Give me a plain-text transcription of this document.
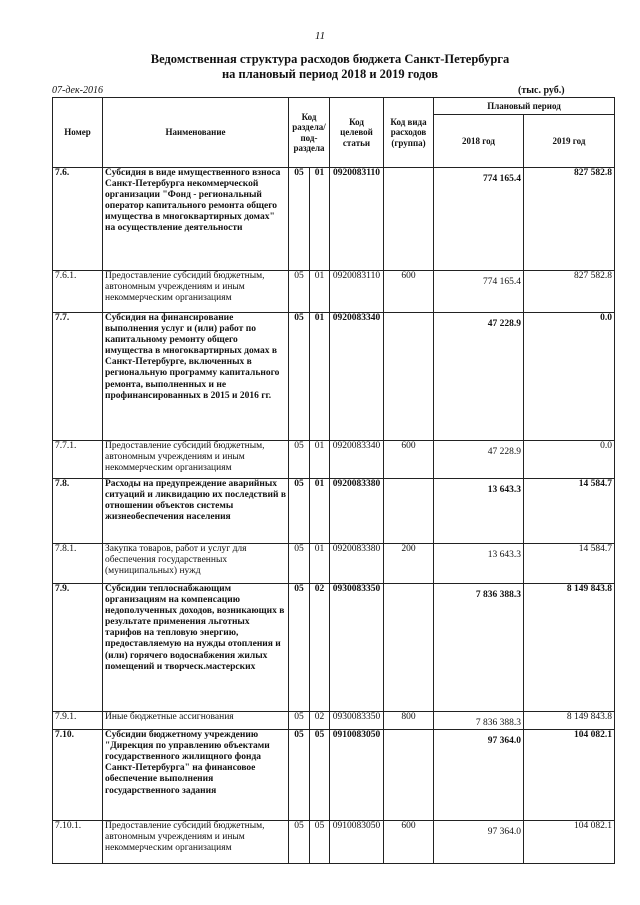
11
Ведомственная структура расходов бюджета Санкт-Петербурга
на плановый период 2018 и 2019 годов
07-дек-2016	(тыс. руб.)
Номер	Наименование	Код раздела/ под-раздела		Код целевой статьи	Код вида расходов (группа)	Плановый период	
						2018 год	2019 год
7.6.	Субсидия в виде имущественного взноса Санкт-Петербурга некоммерческой организации "Фонд - региональный оператор капитального ремонта общего имущества в многоквартирных домах" на осуществление деятельности	05	01	0920083110		774 165.4	827 582.8
7.6.1.	Предоставление субсидий бюджетным, автономным учреждениям и иным некоммерческим организациям	05	01	0920083110	600	774 165.4	827 582.8
7.7.	Субсидия на финансирование выполнения услуг и (или) работ по капитальному ремонту общего имущества в многоквартирных домах в Санкт-Петербурге, включенных в региональную программу капитального ремонта, выполненных и не профинансированных в 2015 и 2016 гг.	05	01	0920083340		47 228.9	0.0
7.7.1.	Предоставление субсидий бюджетным, автономным учреждениям и иным некоммерческим организациям	05	01	0920083340	600	47 228.9	0.0
7.8.	Расходы на предупреждение аварийных ситуаций и ликвидацию их последствий в отношении объектов системы жизнеобеспечения населения	05	01	0920083380		13 643.3	14 584.7
7.8.1.	Закупка товаров, работ и услуг для обеспечения государственных (муниципальных) нужд	05	01	0920083380	200	13 643.3	14 584.7
7.9.	Субсидии теплоснабжающим организациям на компенсацию недополученных доходов, возникающих в результате применения льготных тарифов на тепловую энергию, предоставляемую на нужды отопления и (или) горячего водоснабжения жилых помещений и творческ.мастерских	05	02	0930083350		7 836 388.3	8 149 843.8
7.9.1.	Иные бюджетные ассигнования	05	02	0930083350	800	7 836 388.3	8 149 843.8
7.10.	Субсидии бюджетному учреждению "Дирекция по управлению объектами государственного жилищного фонда Санкт-Петербурга" на финансовое обеспечение выполнения государственного задания	05	05	0910083050		97 364.0	104 082.1
7.10.1.	Предоставление субсидий бюджетным, автономным учреждениям и иным некоммерческим организациям	05	05	0910083050	600	97 364.0	104 082.1
